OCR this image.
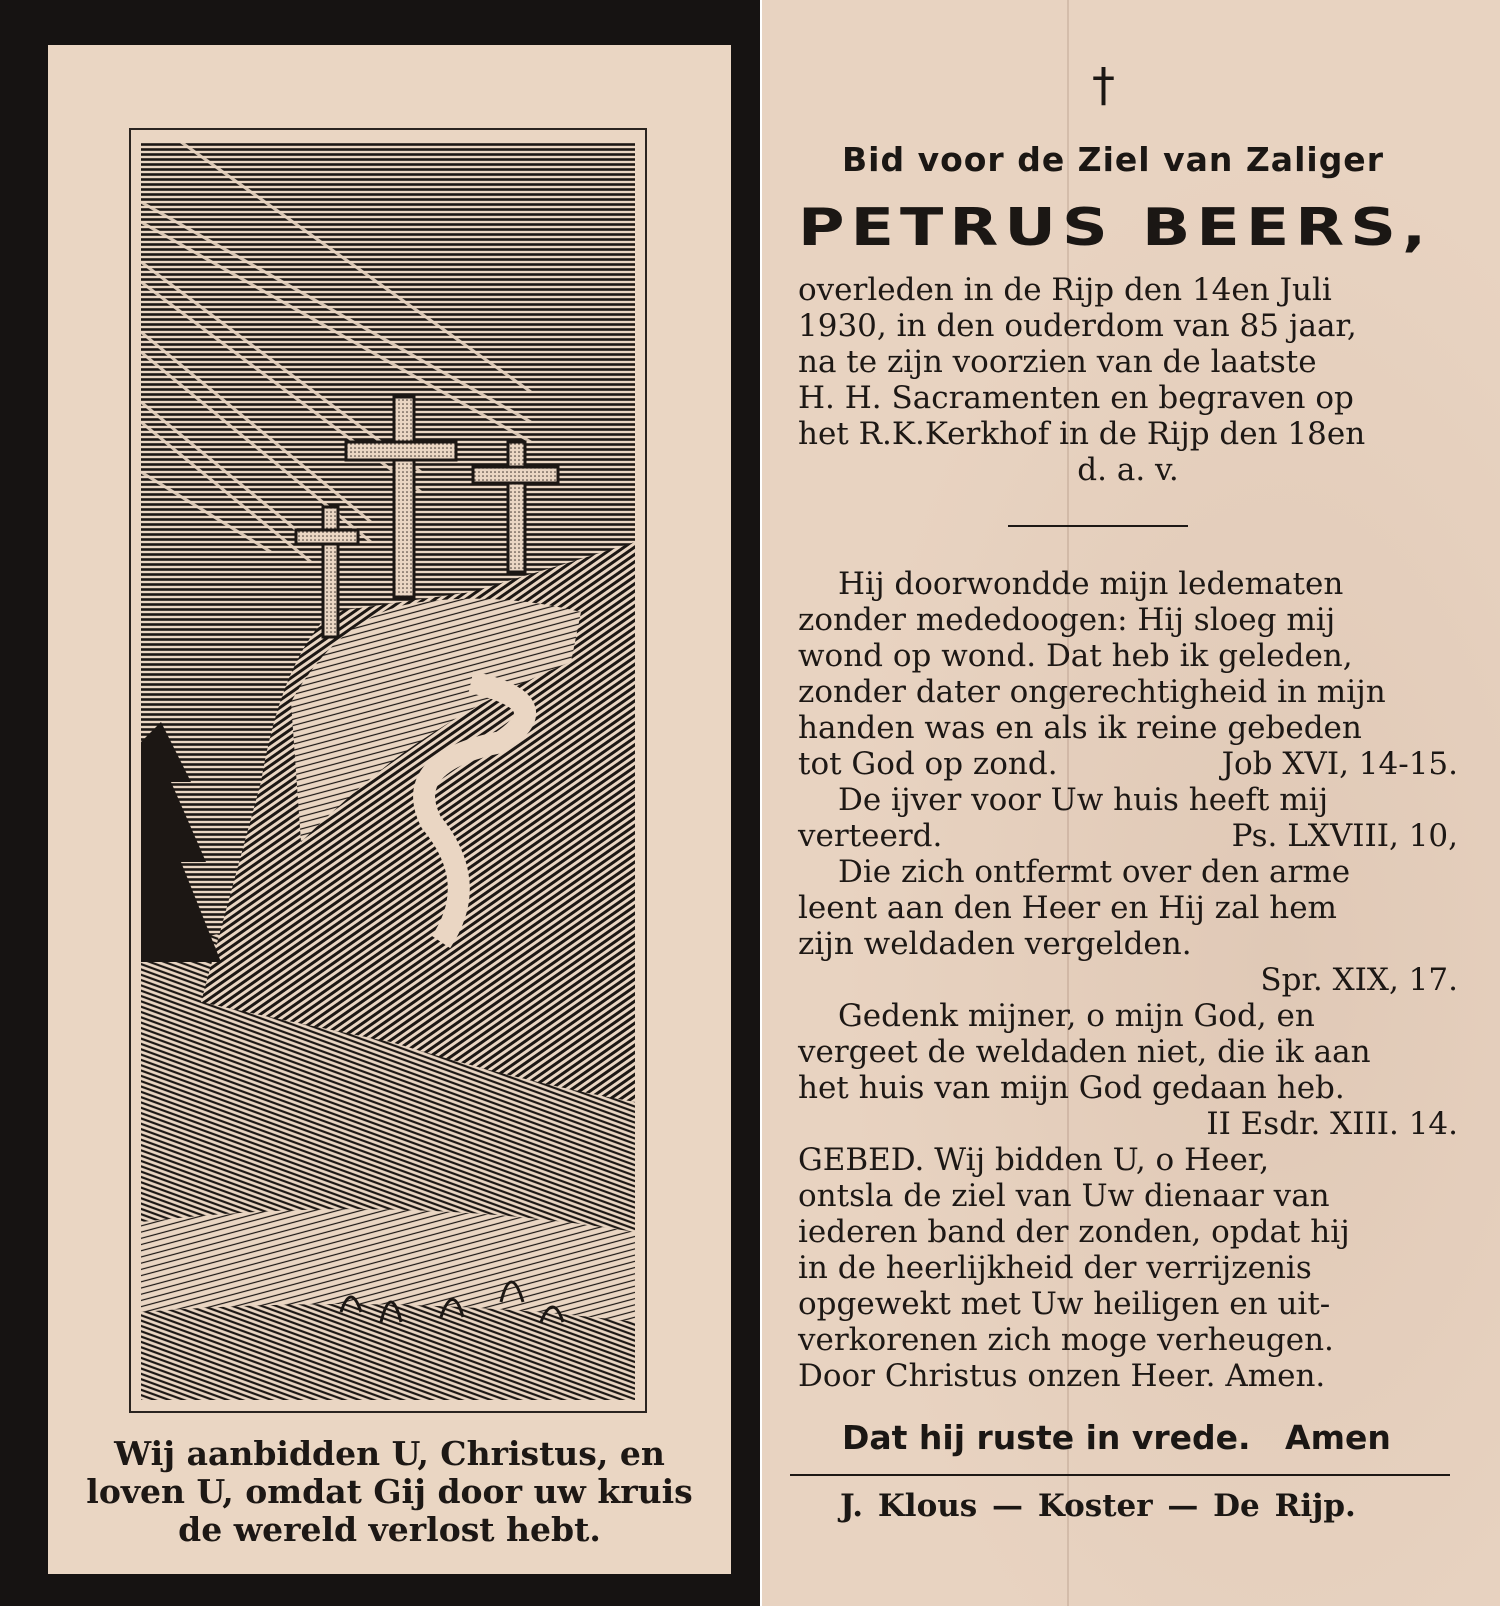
Wij aanbidden U, Christus, en
loven U, omdat Gij door uw kruis
de wereld verlost hebt.
†
Bid voor de Ziel van Zaliger
PETRUS BEERS,
overleden in de Rijp den 14en Juli
1930, in den ouderdom van 85 jaar,
na te zijn voorzien van de laatste
H. H. Sacramenten en begraven op
het R.K.Kerkhof in de Rijp den 18en
d. a. v.
Hij doorwondde mijn ledematen
zonder mededoogen: Hij sloeg mij
wond op wond. Dat heb ik geleden,
zonder dater ongerechtigheid in mijn
handen was en als ik reine gebeden
tot God op zond.	Job XVI, 14-15.
De ijver voor Uw huis heeft mij
verteerd.	Ps. LXVIII, 10,
Die zich ontfermt over den arme
leent aan den Heer en Hij zal hem
zijn weldaden vergelden.
Spr. XIX, 17.
Gedenk mijner, o mijn God, en
vergeet de weldaden niet, die ik aan
het huis van mijn God gedaan heb.
II Esdr. XIII. 14.
GEBED. Wij bidden U, o Heer,
ontsla de ziel van Uw dienaar van
iederen band der zonden, opdat hij
in de heerlijkheid der verrijzenis
opgewekt met Uw heiligen en uit-
verkorenen zich moge verheugen.
Door Christus onzen Heer. Amen.
Dat hij ruste in vrede.   Amen
J. Klous — Koster — De Rijp.
